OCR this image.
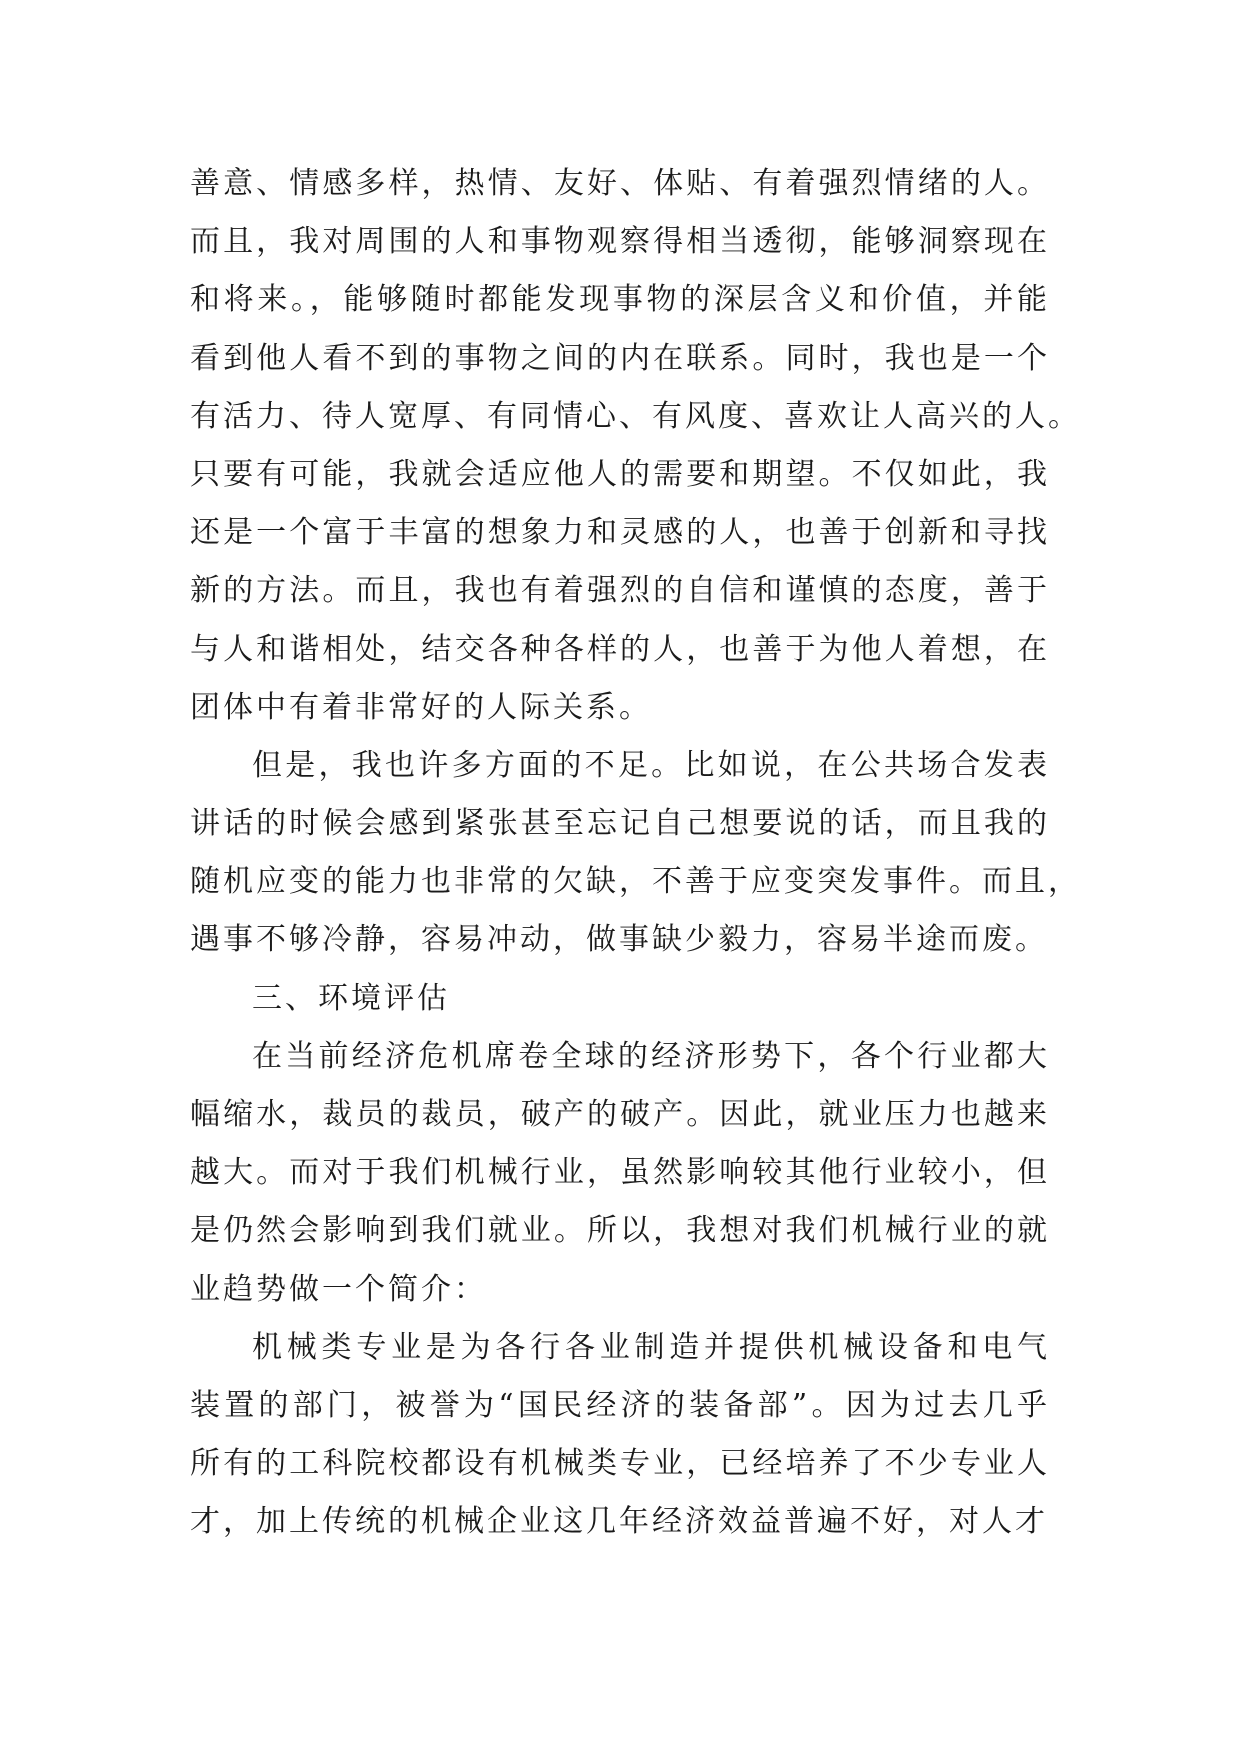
善意、情感多样，热情、友好、体贴、有着强烈情绪的人。
而且，我对周围的人和事物观察得相当透彻，能够洞察现在
和将来。，能够随时都能发现事物的深层含义和价值，并能
看到他人看不到的事物之间的内在联系。同时，我也是一个
有活力、待人宽厚、有同情心、有风度、喜欢让人高兴的人。
只要有可能，我就会适应他人的需要和期望。不仅如此，我
还是一个富于丰富的想象力和灵感的人，也善于创新和寻找
新的方法。而且，我也有着强烈的自信和谨慎的态度，善于
与人和谐相处，结交各种各样的人，也善于为他人着想，在
团体中有着非常好的人际关系。
但是，我也许多方面的不足。比如说，在公共场合发表
讲话的时候会感到紧张甚至忘记自己想要说的话，而且我的
随机应变的能力也非常的欠缺，不善于应变突发事件。而且，
遇事不够冷静，容易冲动，做事缺少毅力，容易半途而废。
三、环境评估
在当前经济危机席卷全球的经济形势下，各个行业都大
幅缩水，裁员的裁员，破产的破产。因此，就业压力也越来
越大。而对于我们机械行业，虽然影响较其他行业较小，但
是仍然会影响到我们就业。所以，我想对我们机械行业的就
业趋势做一个简介：
机械类专业是为各行各业制造并提供机械设备和电气
装置的部门，被誉为“国民经济的装备部”。因为过去几乎
所有的工科院校都设有机械类专业，已经培养了不少专业人
才，加上传统的机械企业这几年经济效益普遍不好，对人才
